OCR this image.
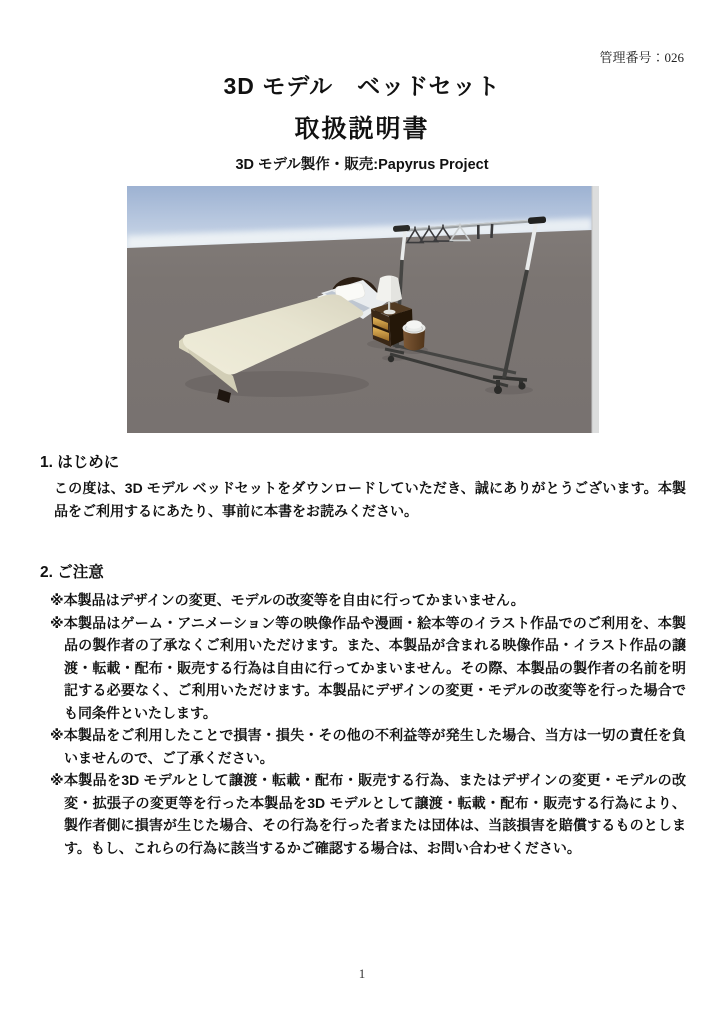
管理番号：026
3D モデル　ベッドセット
取扱説明書
3D モデル製作・販売:Papyrus Project
1. はじめに

この度は、3D モデル ベッドセットをダウンロードしていただき、誠にありがとうございます。本製品をご利用するにあたり、事前に本書をお読みください。

2. ご注意
※本製品はデザインの変更、モデルの改変等を自由に行ってかまいません。
※本製品はゲーム・アニメーション等の映像作品や漫画・絵本等のイラスト作品でのご利用を、本製品の製作者の了承なくご利用いただけます。また、本製品が含まれる映像作品・イラスト作品の譲渡・転載・配布・販売する行為は自由に行ってかまいません。その際、本製品の製作者の名前を明記する必要なく、ご利用いただけます。本製品にデザインの変更・モデルの改変等を行った場合でも同条件といたします。
※本製品をご利用したことで損害・損失・その他の不利益等が発生した場合、当方は一切の責任を負いませんので、ご了承ください。
※本製品を3D モデルとして譲渡・転載・配布・販売する行為、またはデザインの変更・モデルの改変・拡張子の変更等を行った本製品を3D モデルとして譲渡・転載・配布・販売する行為により、製作者側に損害が生じた場合、その行為を行った者または団体は、当該損害を賠償するものとします。もし、これらの行為に該当するかご確認する場合は、お問い合わせください。
1
